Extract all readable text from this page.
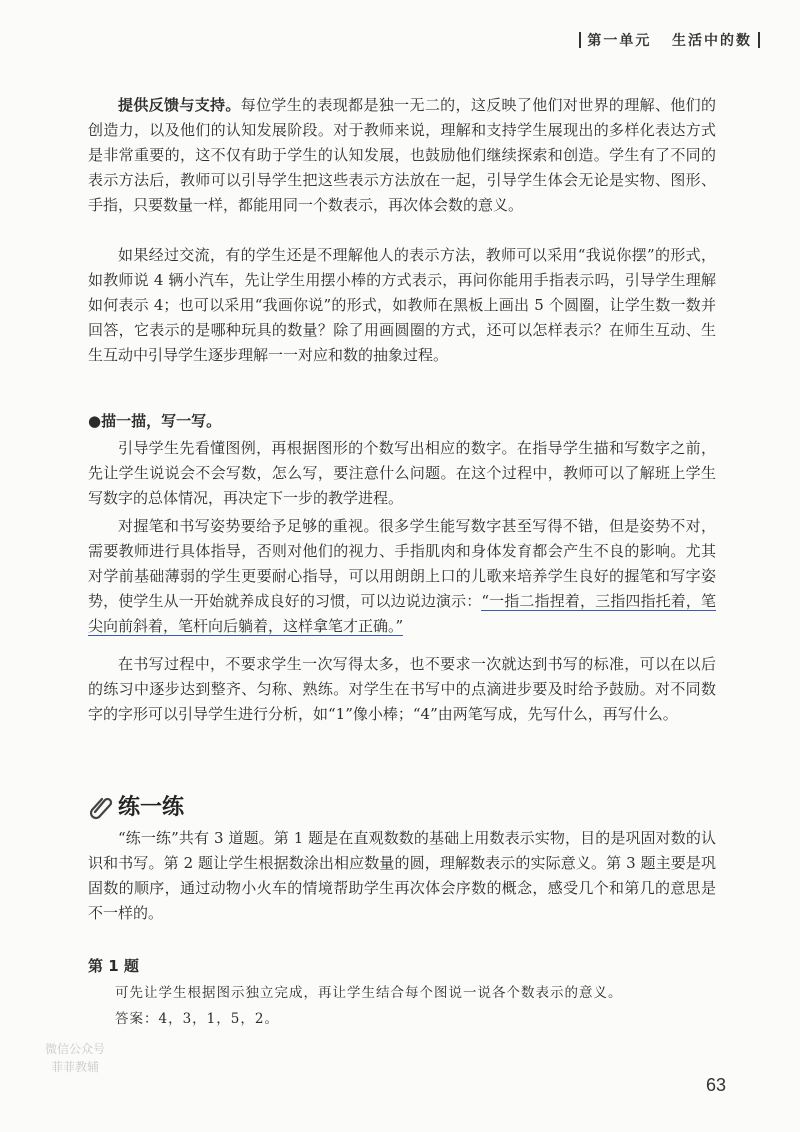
第一单元 生活中的数

提供反馈与支持。每位学生的表现都是独一无二的，这反映了他们对世界的理解、他们的创造力，以及他们的认知发展阶段。对于教师来说，理解和支持学生展现出的多样化表达方式是非常重要的，这不仅有助于学生的认知发展，也鼓励他们继续探索和创造。学生有了不同的表示方法后，教师可以引导学生把这些表示方法放在一起，引导学生体会无论是实物、图形、手指，只要数量一样，都能用同一个数表示，再次体会数的意义。

如果经过交流，有的学生还是不理解他人的表示方法，教师可以采用“我说你摆”的形式，如教师说 4 辆小汽车，先让学生用摆小棒的方式表示，再问你能用手指表示吗，引导学生理解如何表示 4；也可以采用“我画你说”的形式，如教师在黑板上画出 5 个圆圈，让学生数一数并回答，它表示的是哪种玩具的数量？除了用画圆圈的方式，还可以怎样表示？在师生互动、生生互动中引导学生逐步理解一一对应和数的抽象过程。

●描一描，写一写。

引导学生先看懂图例，再根据图形的个数写出相应的数字。在指导学生描和写数字之前，先让学生说说会不会写数，怎么写，要注意什么问题。在这个过程中，教师可以了解班上学生写数字的总体情况，再决定下一步的教学进程。

对握笔和书写姿势要给予足够的重视。很多学生能写数字甚至写得不错，但是姿势不对，需要教师进行具体指导，否则对他们的视力、手指肌肉和身体发育都会产生不良的影响。尤其对学前基础薄弱的学生更要耐心指导，可以用朗朗上口的儿歌来培养学生良好的握笔和写字姿势，使学生从一开始就养成良好的习惯，可以边说边演示：“一指二指捏着，三指四指托着，笔尖向前斜着，笔杆向后躺着，这样拿笔才正确。”

在书写过程中，不要求学生一次写得太多，也不要求一次就达到书写的标准，可以在以后的练习中逐步达到整齐、匀称、熟练。对学生在书写中的点滴进步要及时给予鼓励。对不同数字的字形可以引导学生进行分析，如“1”像小棒；“4”由两笔写成，先写什么，再写什么。

练一练

“练一练”共有 3 道题。第 1 题是在直观数数的基础上用数表示实物，目的是巩固对数的认识和书写。第 2 题让学生根据数涂出相应数量的圆，理解数表示的实际意义。第 3 题主要是巩固数的顺序，通过动物小火车的情境帮助学生再次体会序数的概念，感受几个和第几的意思是不一样的。

第 1 题

可先让学生根据图示独立完成，再让学生结合每个图说一说各个数表示的意义。

答案：4，3，1，5，2。

微信公众号
菲菲教辅
63
